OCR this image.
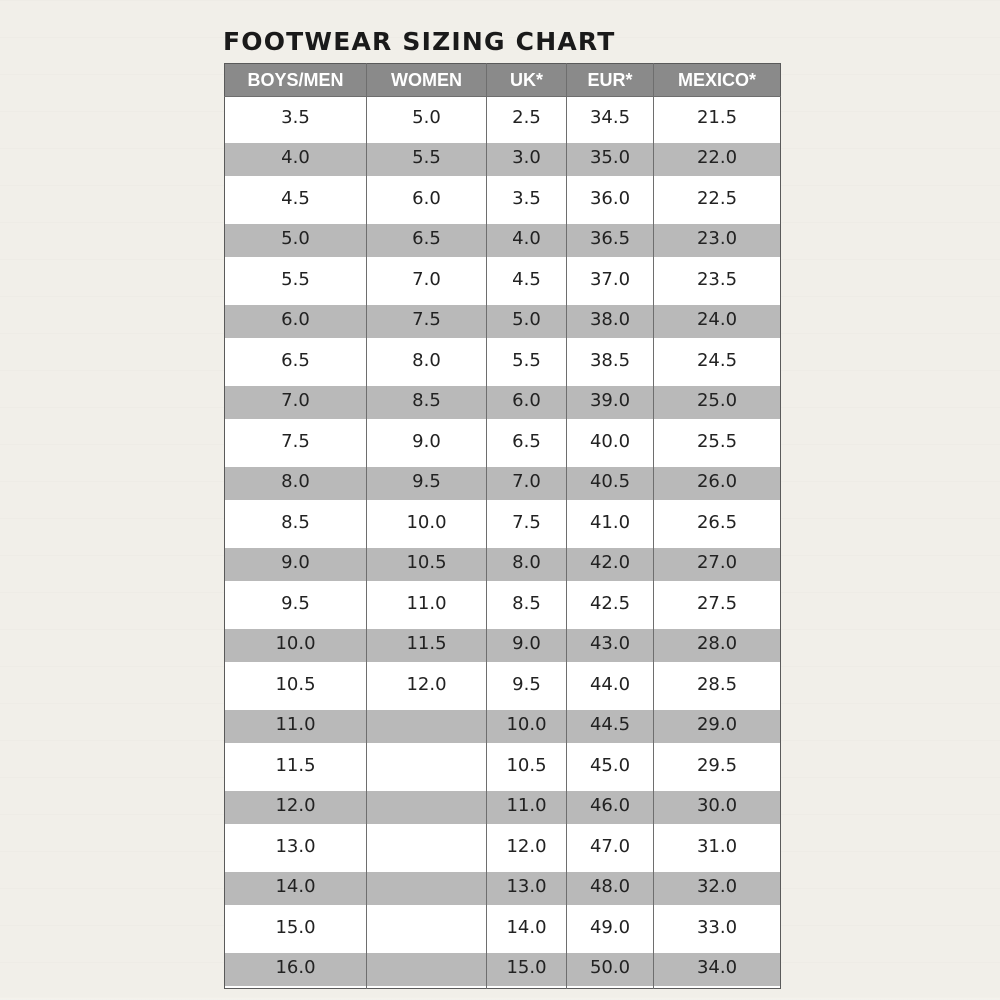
FOOTWEAR SIZING CHART
BOYS/MEN	WOMEN	UK*	EUR*	MEXICO*
3.5	5.0	2.5	34.5	21.5
4.0	5.5	3.0	35.0	22.0
4.5	6.0	3.5	36.0	22.5
5.0	6.5	4.0	36.5	23.0
5.5	7.0	4.5	37.0	23.5
6.0	7.5	5.0	38.0	24.0
6.5	8.0	5.5	38.5	24.5
7.0	8.5	6.0	39.0	25.0
7.5	9.0	6.5	40.0	25.5
8.0	9.5	7.0	40.5	26.0
8.5	10.0	7.5	41.0	26.5
9.0	10.5	8.0	42.0	27.0
9.5	11.0	8.5	42.5	27.5
10.0	11.5	9.0	43.0	28.0
10.5	12.0	9.5	44.0	28.5
11.0		10.0	44.5	29.0
11.5		10.5	45.0	29.5
12.0		11.0	46.0	30.0
13.0		12.0	47.0	31.0
14.0		13.0	48.0	32.0
15.0		14.0	49.0	33.0
16.0		15.0	50.0	34.0
